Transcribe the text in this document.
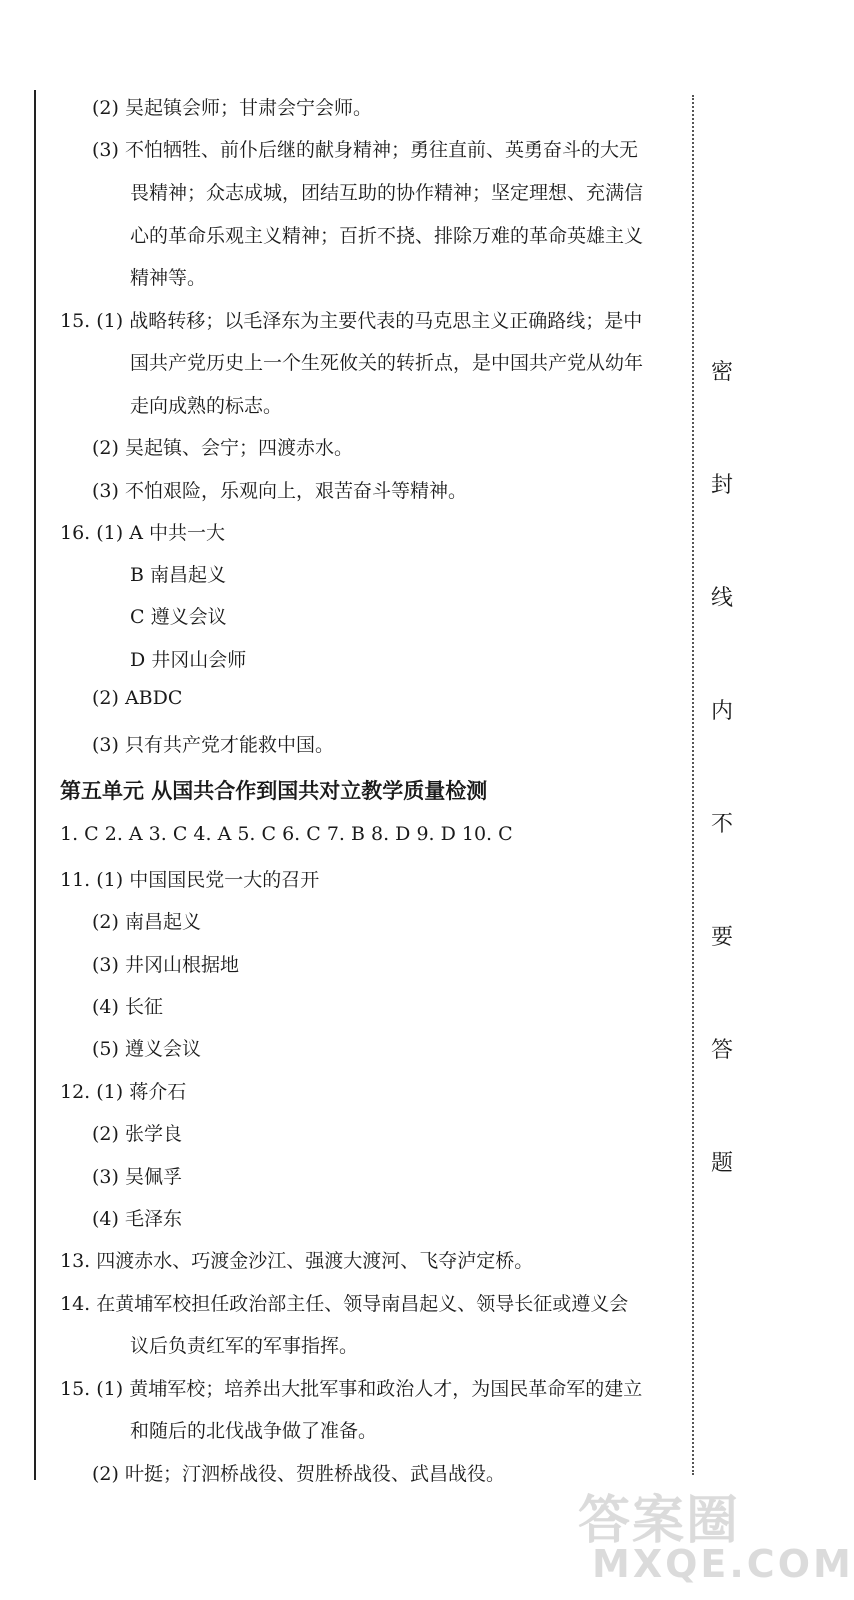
(2) 吴起镇会师；甘肃会宁会师。
(3) 不怕牺牲、前仆后继的献身精神；勇往直前、英勇奋斗的大无
畏精神；众志成城，团结互助的协作精神；坚定理想、充满信
心的革命乐观主义精神；百折不挠、排除万难的革命英雄主义
精神等。
15. (1) 战略转移；以毛泽东为主要代表的马克思主义正确路线；是中
国共产党历史上一个生死攸关的转折点，是中国共产党从幼年
走向成熟的标志。
(2) 吴起镇、会宁；四渡赤水。
(3) 不怕艰险，乐观向上，艰苦奋斗等精神。
16. (1) A 中共一大
B 南昌起义
C 遵义会议
D 井冈山会师
(2) ABDC
(3) 只有共产党才能救中国。
1. C 2. A 3. C 4. A 5. C 6. C 7. B 8. D 9. D 10. C
11. (1) 中国国民党一大的召开
(2) 南昌起义
(3) 井冈山根据地
(4) 长征
(5) 遵义会议
12. (1) 蒋介石
(2) 张学良
(3) 吴佩孚
(4) 毛泽东
13. 四渡赤水、巧渡金沙江、强渡大渡河、飞夺泸定桥。
14. 在黄埔军校担任政治部主任、领导南昌起义、领导长征或遵义会
议后负责红军的军事指挥。
15. (1) 黄埔军校；培养出大批军事和政治人才，为国民革命军的建立
和随后的北伐战争做了准备。
(2) 叶挺；汀泗桥战役、贺胜桥战役、武昌战役。
第五单元 从国共合作到国共对立教学质量检测
密
封
线
内
不
要
答
题
答案圈
MXQE.COM
